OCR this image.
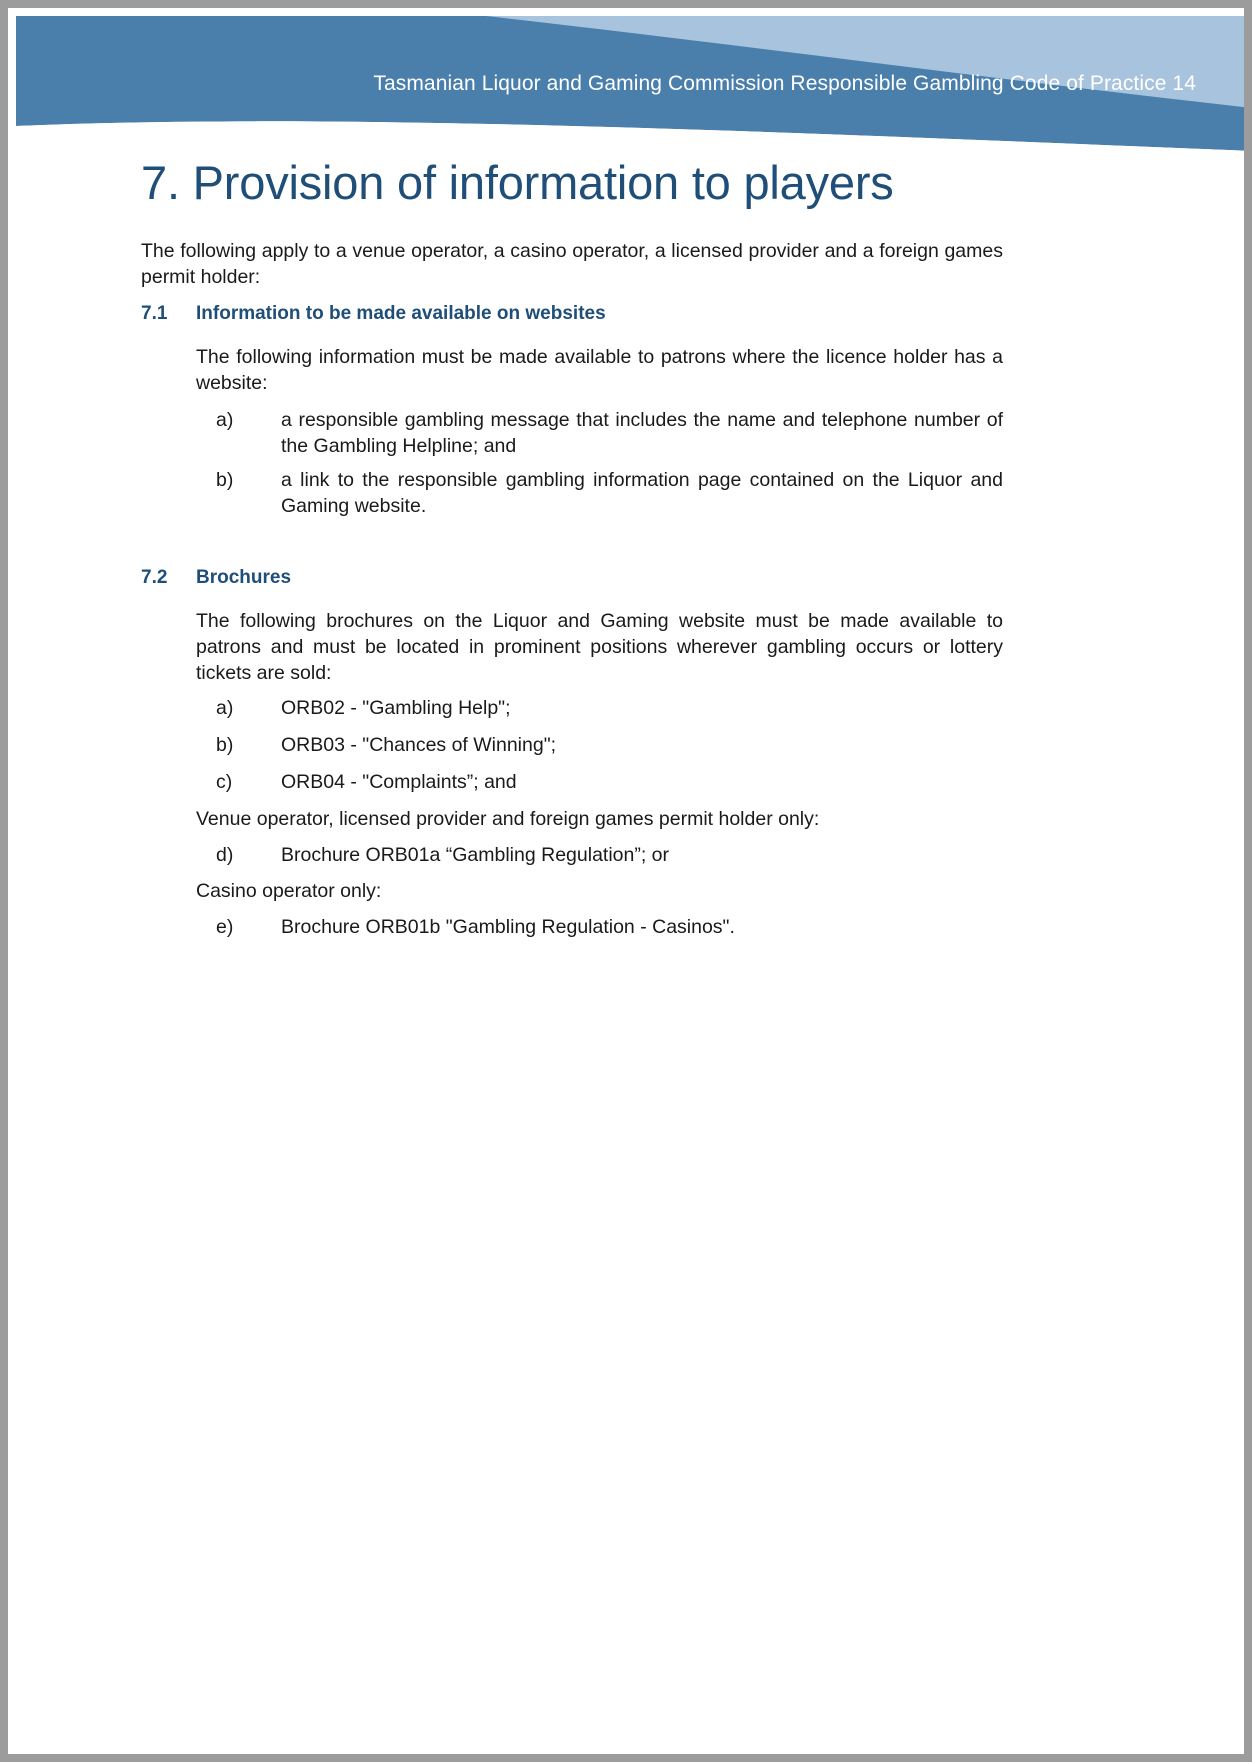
Tasmanian Liquor and Gaming Commission Responsible Gambling Code of Practice 14
7. Provision of information to players
The following apply to a venue operator, a casino operator, a licensed provider and a foreign games permit holder:
7.1 Information to be made available on websites
The following information must be made available to patrons where the licence holder has a website:
a)	a responsible gambling message that includes the name and telephone number of the Gambling Helpline; and
b)	a link to the responsible gambling information page contained on the Liquor and Gaming website.
7.2 Brochures
The following brochures on the Liquor and Gaming website must be made available to patrons and must be located in prominent positions wherever gambling occurs or lottery tickets are sold:
a)	ORB02 - "Gambling Help";
b)	ORB03 - "Chances of Winning";
c)	ORB04 - "Complaints”; and
Venue operator, licensed provider and foreign games permit holder only:
d)	Brochure ORB01a “Gambling Regulation”; or
Casino operator only:
e)	Brochure ORB01b "Gambling Regulation - Casinos".
